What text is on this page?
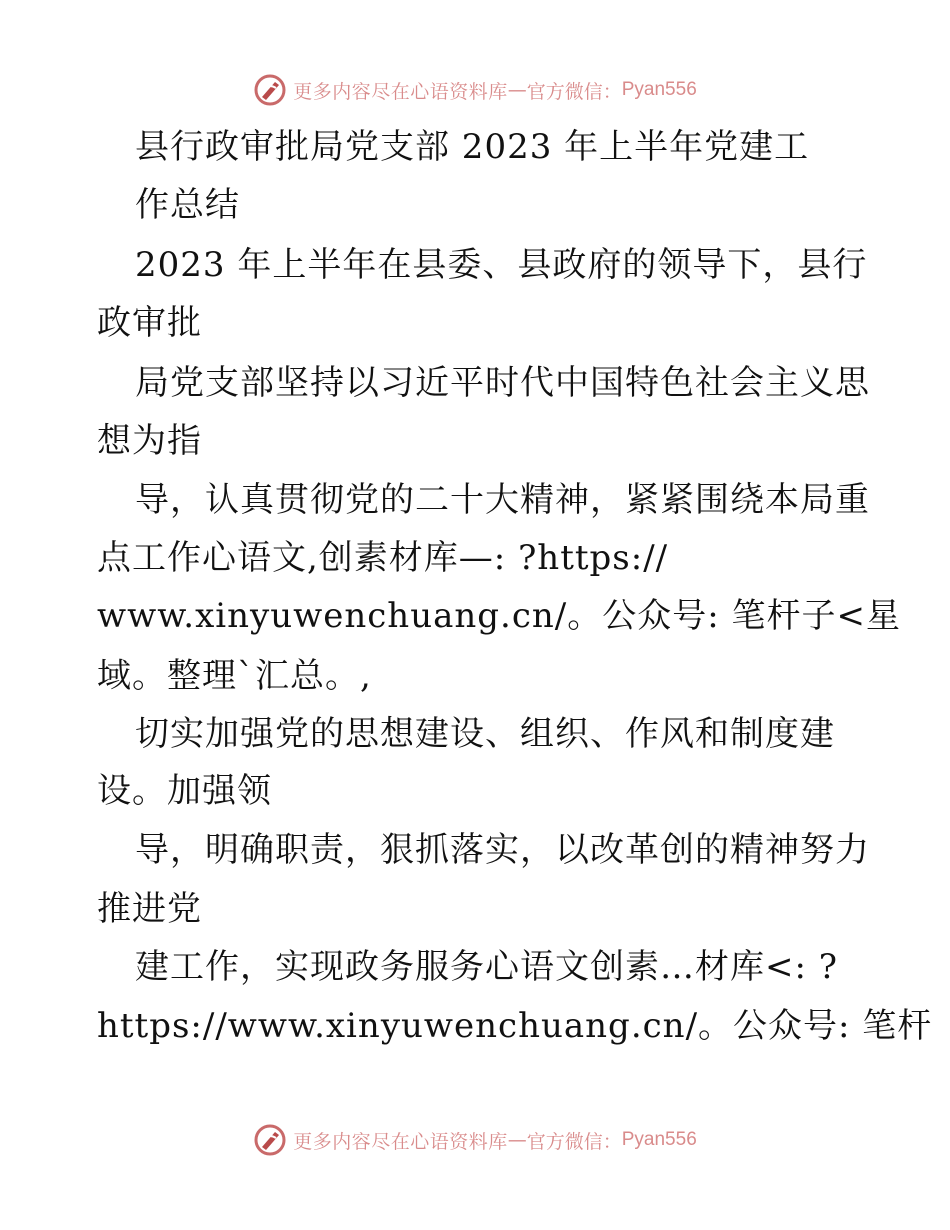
更多内容尽在心语资料库 — 官方微信： Pyan556
县行政审批局党支部 2023 年上半年党建工
作总结
2023 年上半年在县委、县政府的领导下，县行
政审批
局党支部坚持以习近平时代中国特色社会主义思
想为指
导，认真贯彻党的二十大精神，紧紧围绕本局重
点工作心语文,创素材库—: ?https://
www.xinyuwenchuang.cn/。公众号: 笔杆子<星
域。整理`汇总。,
切实加强党的思想建设、组织、作风和制度建
设。加强领
导，明确职责，狠抓落实，以改革创的精神努力
推进党
建工作，实现政务服务心语文创素…材库<: ?
https://www.xinyuwenchuang.cn/。公众号: 笔杆
更多内容尽在心语资料库 — 官方微信： Pyan556
